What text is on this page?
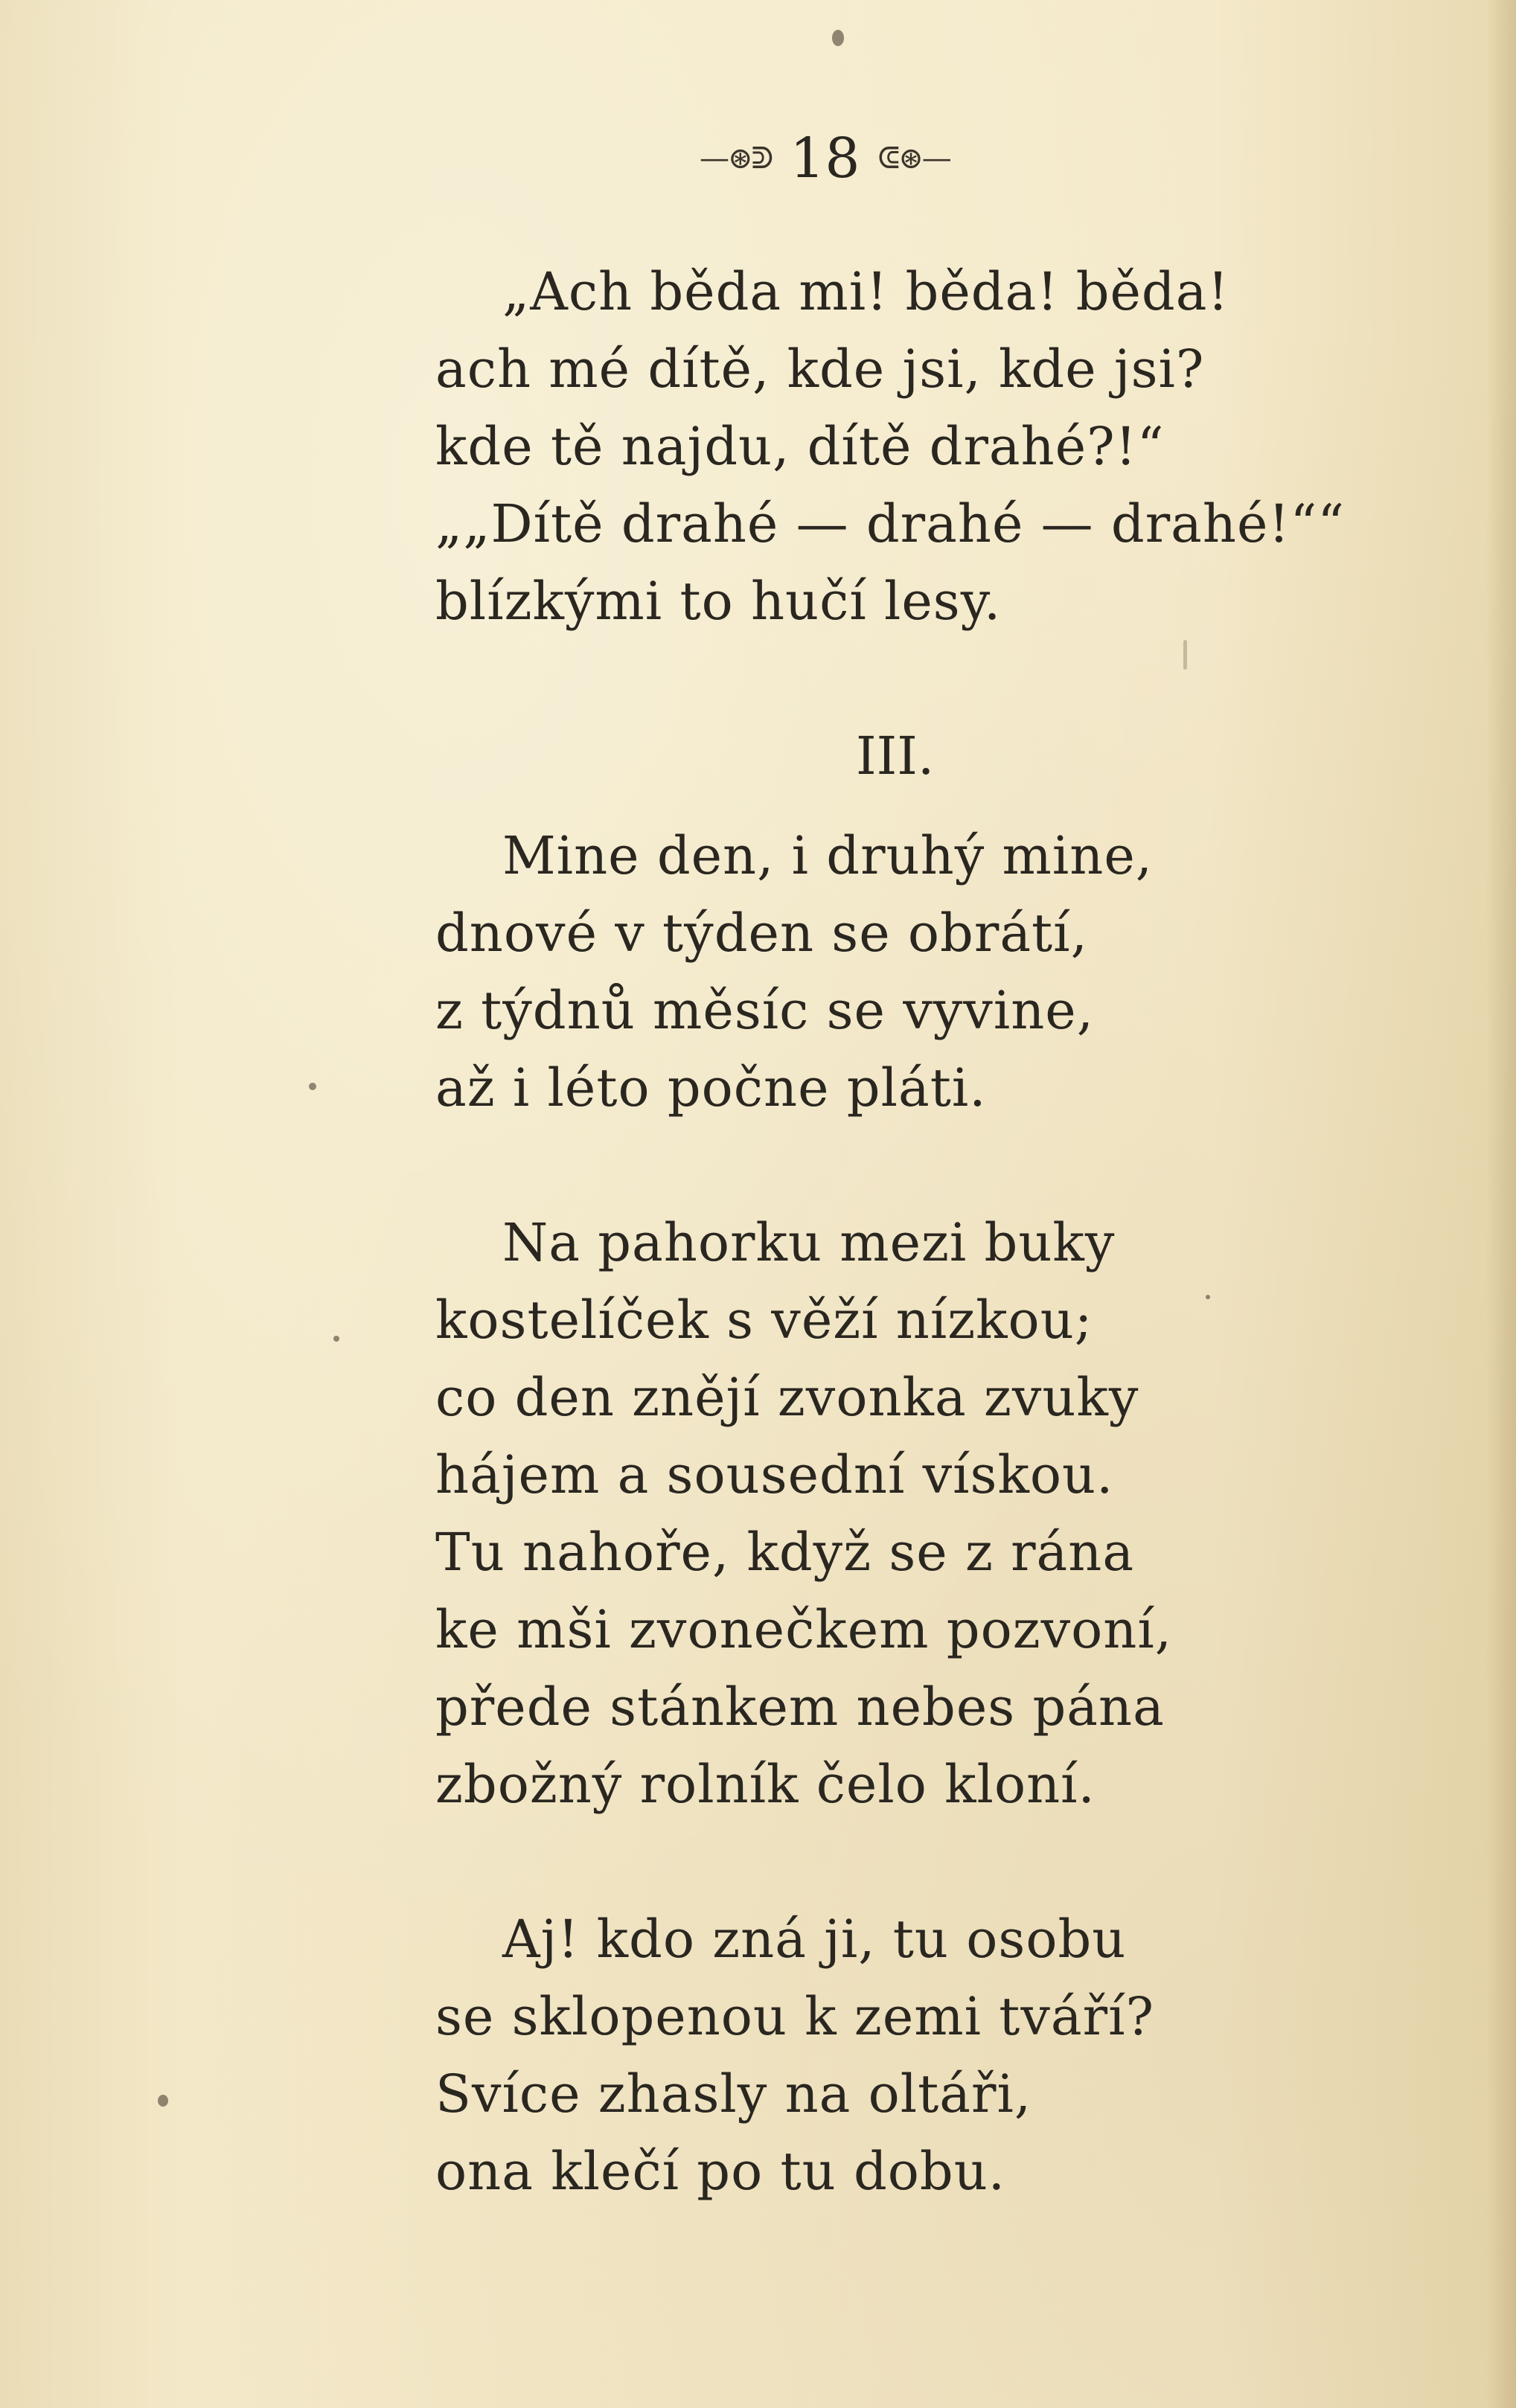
—⊛ᕲ 18 ᕳ⊛—
„Ach běda mi! běda! běda!
ach mé dítě, kde jsi, kde jsi?
kde tě najdu, dítě drahé?!“
„„Dítě drahé — drahé — drahé!““
blízkými to hučí lesy.
III.
Mine den, i druhý mine,
dnové v týden se obrátí,
z týdnů měsíc se vyvine,
až i léto počne pláti.
Na pahorku mezi buky
kostelíček s věží nízkou;
co den znějí zvonka zvuky
hájem a sousední vískou.
Tu nahoře, když se z rána
ke mši zvonečkem pozvoní,
přede stánkem nebes pána
zbožný rolník čelo kloní.
Aj! kdo zná ji, tu osobu
se sklopenou k zemi tváří?
Svíce zhasly na oltáři,
ona klečí po tu dobu.
